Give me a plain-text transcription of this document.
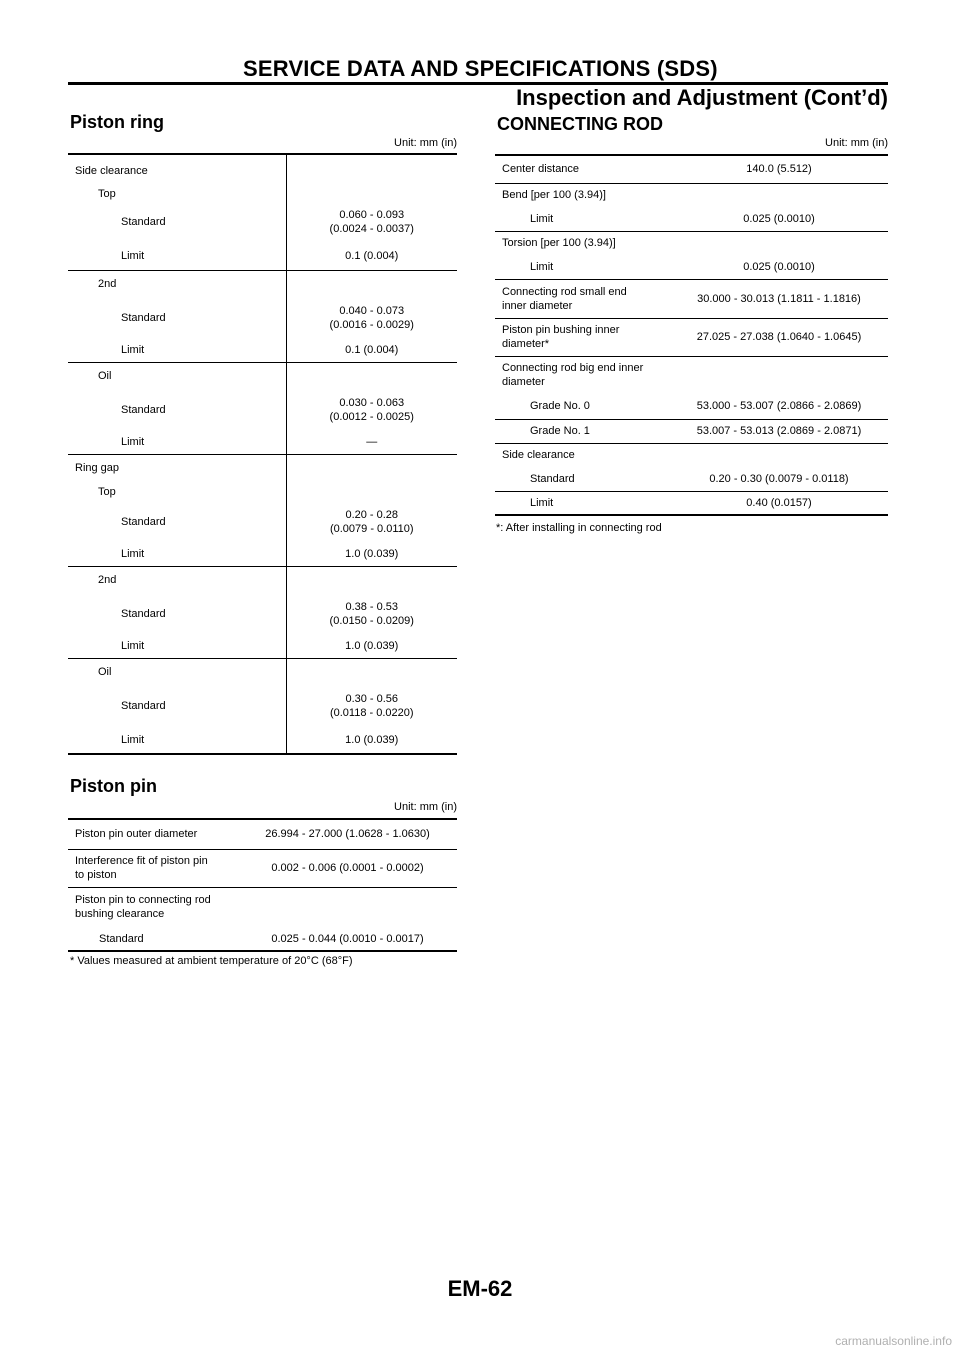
SERVICE DATA AND SPECIFICATIONS (SDS)
Inspection and Adjustment (Cont’d)
Piston ring
Unit: mm (in)
Side clearance	
Top	
Standard	0.060 - 0.093
(0.0024 - 0.0037)
Limit	0.1 (0.004)
2nd	
Standard	0.040 - 0.073
(0.0016 - 0.0029)
Limit	0.1 (0.004)
Oil	
Standard	0.030 - 0.063
(0.0012 - 0.0025)
Limit	—
Ring gap	
Top	
Standard	0.20 - 0.28
(0.0079 - 0.0110)
Limit	1.0 (0.039)
2nd	
Standard	0.38 - 0.53
(0.0150 - 0.0209)
Limit	1.0 (0.039)
Oil	
Standard	0.30 - 0.56
(0.0118 - 0.0220)
Limit	1.0 (0.039)
Piston pin
Unit: mm (in)
Piston pin outer diameter	26.994 - 27.000 (1.0628 - 1.0630)
Interference fit of piston pin
to piston	0.002 - 0.006 (0.0001 - 0.0002)
Piston pin to connecting rod
bushing clearance	
Standard	0.025 - 0.044 (0.0010 - 0.0017)
* Values measured at ambient temperature of 20°C (68°F)
CONNECTING ROD
Unit: mm (in)
Center distance	140.0 (5.512)
Bend [per 100 (3.94)]	
Limit	0.025 (0.0010)
Torsion [per 100 (3.94)]	
Limit	0.025 (0.0010)
Connecting rod small end
inner diameter	30.000 - 30.013 (1.1811 - 1.1816)
Piston pin bushing inner
diameter*	27.025 - 27.038 (1.0640 - 1.0645)
Connecting rod big end inner
diameter	
Grade No. 0	53.000 - 53.007 (2.0866 - 2.0869)
Grade No. 1	53.007 - 53.013 (2.0869 - 2.0871)
Side clearance	
Standard	0.20 - 0.30 (0.0079 - 0.0118)
Limit	0.40 (0.0157)
*: After installing in connecting rod
EM-62
carmanualsonline.info
